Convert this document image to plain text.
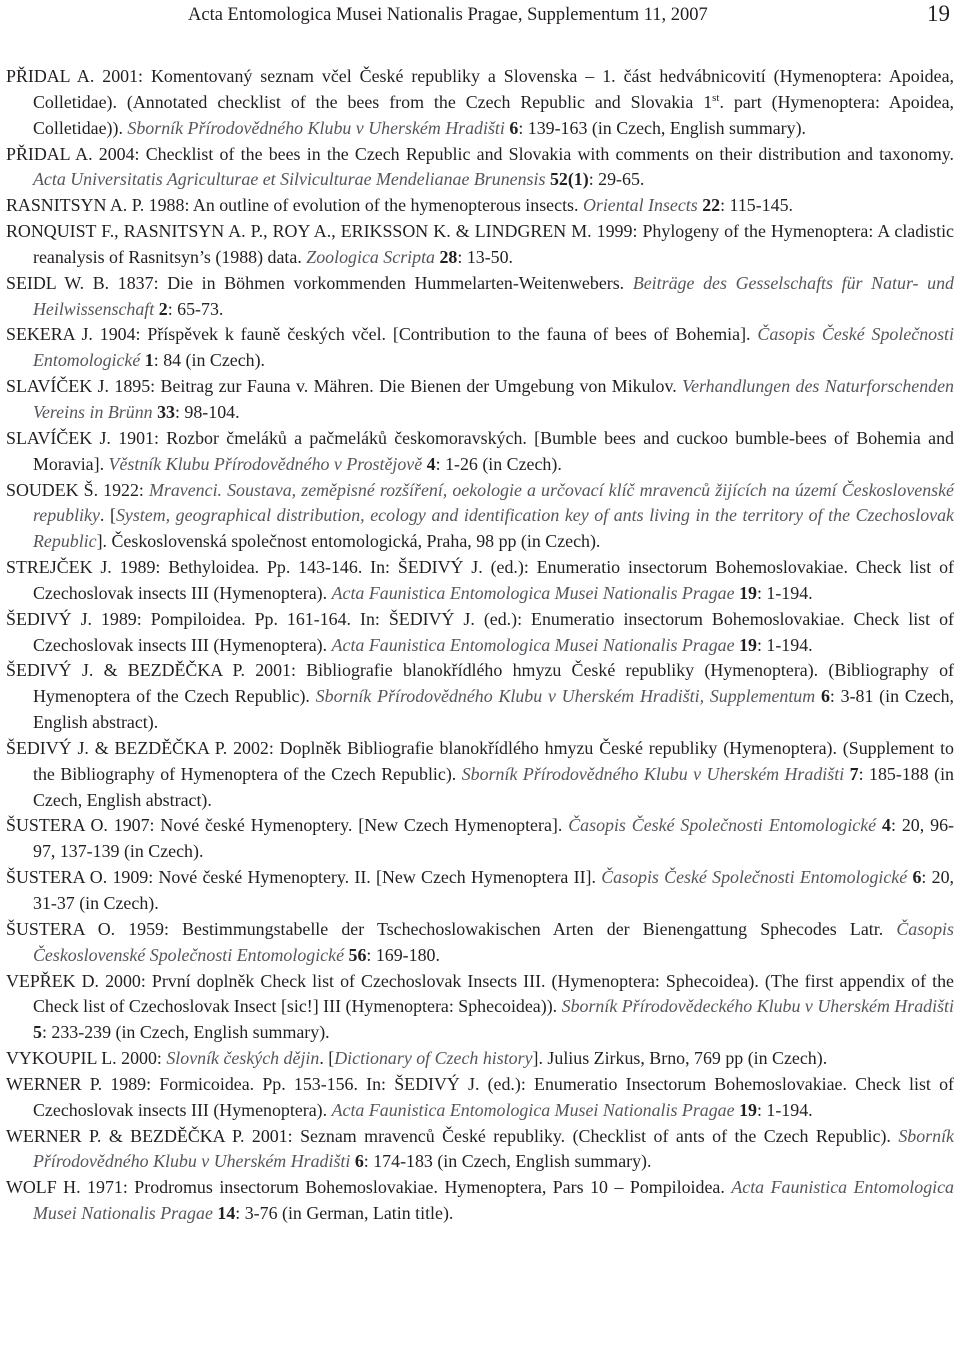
Acta Entomologica Musei Nationalis Pragae, Supplementum 11, 2007	19
PŘIDAL A. 2001: Komentovaný seznam včel České republiky a Slovenska – 1. část hedvábnicovití (Hymenoptera: Apoidea, Colletidae). (Annotated checklist of the bees from the Czech Republic and Slovakia 1st. part (Hymenoptera: Apoidea, Colletidae)). Sborník Přírodovědného Klubu v Uherském Hradišti 6: 139-163 (in Czech, English summary).
PŘIDAL A. 2004: Checklist of the bees in the Czech Republic and Slovakia with comments on their distribution and taxonomy. Acta Universitatis Agriculturae et Silviculturae Mendelianae Brunensis 52(1): 29-65.
RASNITSYN A. P. 1988: An outline of evolution of the hymenopterous insects. Oriental Insects 22: 115-145.
RONQUIST F., RASNITSYN A. P., ROY A., ERIKSSON K. & LINDGREN M. 1999: Phylogeny of the Hymenoptera: A cladistic reanalysis of Rasnitsyn’s (1988) data. Zoologica Scripta 28: 13-50.
SEIDL W. B. 1837: Die in Böhmen vorkommenden Hummelarten-Weitenwebers. Beiträge des Gesselschafts für Natur- und Heilwissenschaft 2: 65-73.
SEKERA J. 1904: Příspěvek k fauně českých včel. [Contribution to the fauna of bees of Bohemia]. Časopis České Společnosti Entomologické 1: 84 (in Czech).
SLAVÍČEK J. 1895: Beitrag zur Fauna v. Mähren. Die Bienen der Umgebung von Mikulov. Verhandlungen des Naturforschenden Vereins in Brünn 33: 98-104.
SLAVÍČEK J. 1901: Rozbor čmeláků a pačmeláků českomoravských. [Bumble bees and cuckoo bumble-bees of Bohemia and Moravia]. Věstník Klubu Přírodovědného v Prostějově 4: 1-26 (in Czech).
SOUDEK Š. 1922: Mravenci. Soustava, zeměpisné rozšíření, oekologie a určovací klíč mravenců žijících na území Československé republiky. [System, geographical distribution, ecology and identification key of ants living in the territory of the Czechoslovak Republic]. Československá společnost entomologická, Praha, 98 pp (in Czech).
STREJČEK J. 1989: Bethyloidea. Pp. 143-146. In: ŠEDIVÝ J. (ed.): Enumeratio insectorum Bohemoslovakiae. Check list of Czechoslovak insects III (Hymenoptera). Acta Faunistica Entomologica Musei Nationalis Pragae 19: 1-194.
ŠEDIVÝ J. 1989: Pompiloidea. Pp. 161-164. In: ŠEDIVÝ J. (ed.): Enumeratio insectorum Bohemoslovakiae. Check list of Czechoslovak insects III (Hymenoptera). Acta Faunistica Entomologica Musei Nationalis Pragae 19: 1-194.
ŠEDIVÝ J. & BEZDĚČKA P. 2001: Bibliografie blanokřídlého hmyzu České republiky (Hymenoptera). (Bibliography of Hymenoptera of the Czech Republic). Sborník Přírodovědného Klubu v Uherském Hradišti, Supplementum 6: 3-81 (in Czech, English abstract).
ŠEDIVÝ J. & BEZDĚČKA P. 2002: Doplněk Bibliografie blanokřídlého hmyzu České republiky (Hymenoptera). (Supplement to the Bibliography of Hymenoptera of the Czech Republic). Sborník Přírodovědného Klubu v Uherském Hradišti 7: 185-188 (in Czech, English abstract).
ŠUSTERA O. 1907: Nové české Hymenoptery. [New Czech Hymenoptera]. Časopis České Společnosti Entomologické 4: 20, 96-97, 137-139 (in Czech).
ŠUSTERA O. 1909: Nové české Hymenoptery. II. [New Czech Hymenoptera II]. Časopis České Společnosti Entomologické 6: 20, 31-37 (in Czech).
ŠUSTERA O. 1959: Bestimmungstabelle der Tschechoslowakischen Arten der Bienengattung Sphecodes Latr. Časopis Československé Společnosti Entomologické 56: 169-180.
VEPŘEK D. 2000: První doplněk Check list of Czechoslovak Insects III. (Hymenoptera: Sphecoidea). (The first appendix of the Check list of Czechoslovak Insect [sic!] III (Hymenoptera: Sphecoidea)). Sborník Přírodovědeckého Klubu v Uherském Hradišti 5: 233-239 (in Czech, English summary).
VYKOUPIL L. 2000: Slovník českých dějin. [Dictionary of Czech history]. Julius Zirkus, Brno, 769 pp (in Czech).
WERNER P. 1989: Formicoidea. Pp. 153-156. In: ŠEDIVÝ J. (ed.): Enumeratio Insectorum Bohemoslovakiae. Check list of Czechoslovak insects III (Hymenoptera). Acta Faunistica Entomologica Musei Nationalis Pragae 19: 1-194.
WERNER P. & BEZDĚČKA P. 2001: Seznam mravenců České republiky. (Checklist of ants of the Czech Republic). Sborník Přírodovědného Klubu v Uherském Hradišti 6: 174-183 (in Czech, English summary).
WOLF H. 1971: Prodromus insectorum Bohemoslovakiae. Hymenoptera, Pars 10 – Pompiloidea. Acta Faunistica Entomologica Musei Nationalis Pragae 14: 3-76 (in German, Latin title).
